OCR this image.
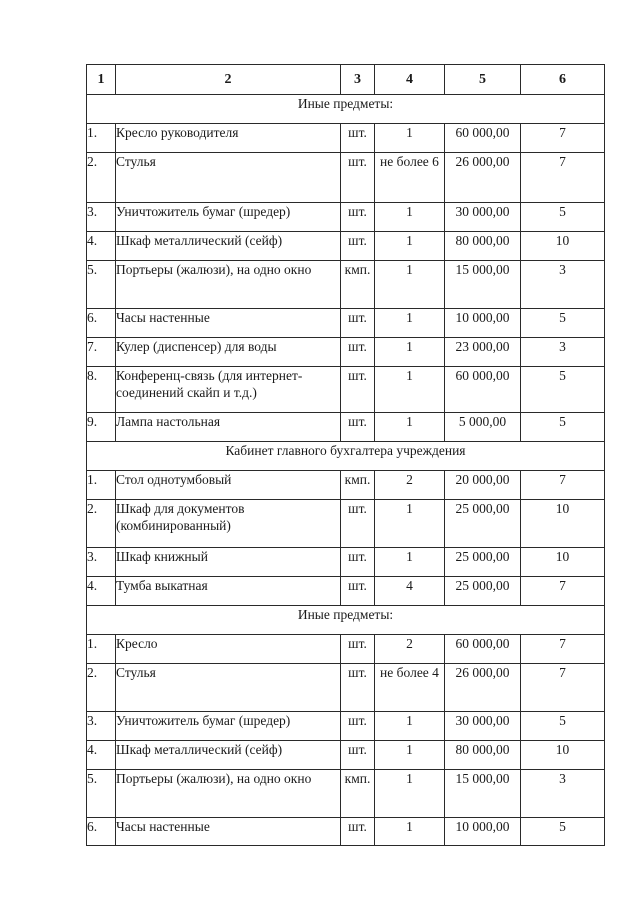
1	2	3	4	5	6
Иные предметы:					
1.	Кресло руководителя	шт.	1	60 000,00	7
2.	Стулья	шт.	не более 6	26 000,00	7
3.	Уничтожитель бумаг (шредер)	шт.	1	30 000,00	5
4.	Шкаф металлический (сейф)	шт.	1	80 000,00	10
5.	Портьеры (жалюзи), на одно окно	кмп.	1	15 000,00	3
6.	Часы настенные	шт.	1	10 000,00	5
7.	Кулер (диспенсер) для воды	шт.	1	23 000,00	3
8.	Конференц-связь (для интернет-соединений скайп и т.д.)	шт.	1	60 000,00	5
9.	Лампа настольная	шт.	1	5 000,00	5
Кабинет главного бухгалтера учреждения					
1.	Стол однотумбовый	кмп.	2	20 000,00	7
2.	Шкаф для документов (комбинированный)	шт.	1	25 000,00	10
3.	Шкаф книжный	шт.	1	25 000,00	10
4.	Тумба выкатная	шт.	4	25 000,00	7
Иные предметы:					
1.	Кресло	шт.	2	60 000,00	7
2.	Стулья	шт.	не более 4	26 000,00	7
3.	Уничтожитель бумаг (шредер)	шт.	1	30 000,00	5
4.	Шкаф металлический (сейф)	шт.	1	80 000,00	10
5.	Портьеры (жалюзи), на одно окно	кмп.	1	15 000,00	3
6.	Часы настенные	шт.	1	10 000,00	5
